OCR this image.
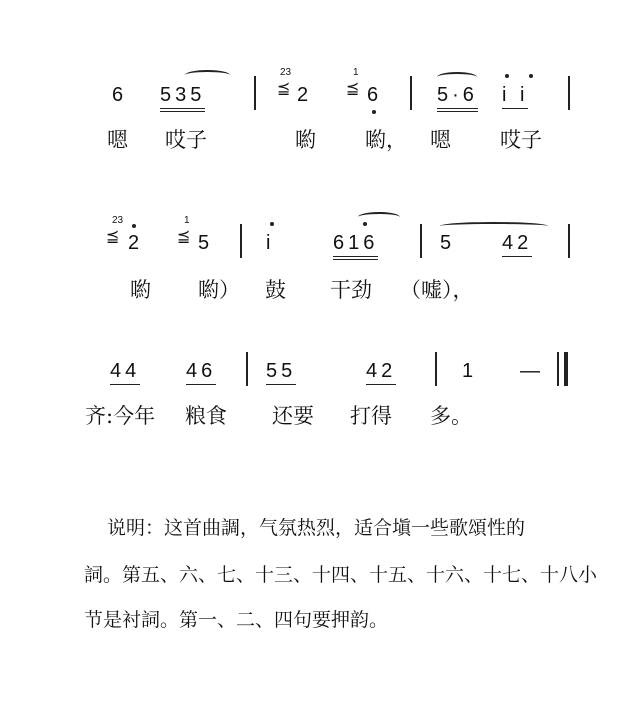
6 535
23
⪳ 2
1
⪳ 6	5·6 i i
嗯 哎子	喲 喲， 嗯 哎子
23
⪳ 2
1
⪳ 5	i	616	5 42
喲 喲） 鼓 干劲 （嘘），
44 46 55	42	1 —
齐:今年 粮食 还要 打得 多。
说明：这首曲調，气氛热烈，适合塡一些歌頌性的
詞。第五、六、七、十三、十四、十五、十六、十七、十八小
节是衬詞。第一、二、四句要押韵。
